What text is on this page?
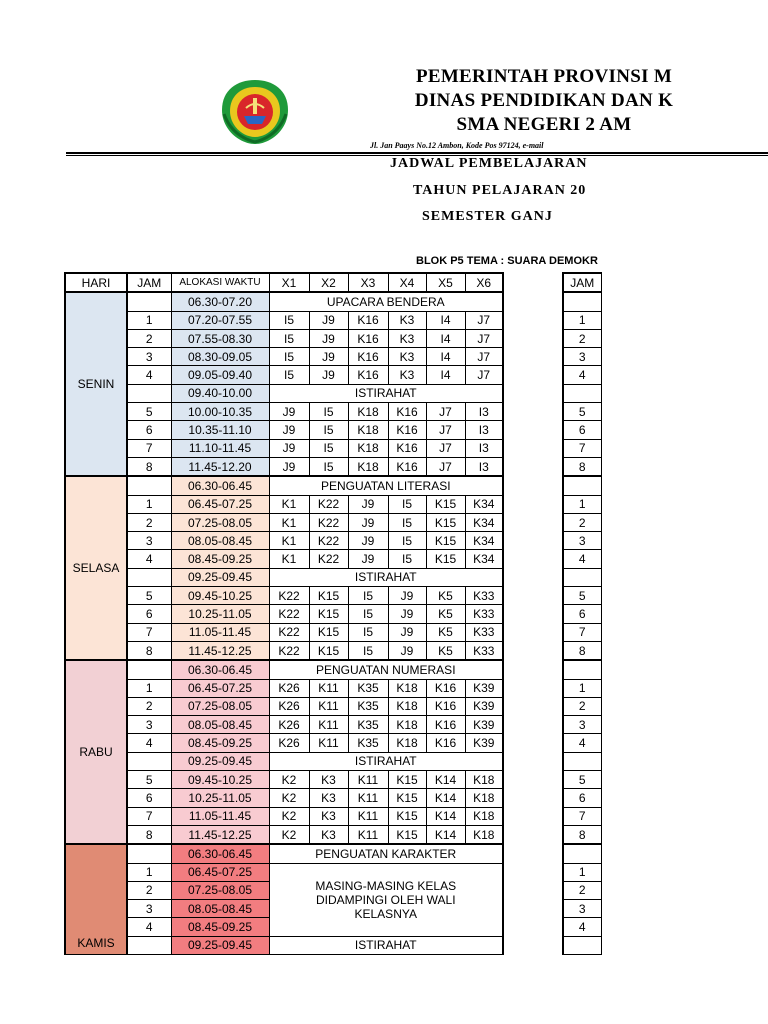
PEMERINTAH PROVINSI M
DINAS PENDIDIKAN DAN K
SMA NEGERI 2 AM
Jl. Jan Paays No.12 Ambon, Kode Pos 97124, e-mail
JADWAL PEMBELAJARAN
TAHUN PELAJARAN 20
SEMESTER GANJ
BLOK P5 TEMA : SUARA DEMOKR
HARI	JAM	ALOKASI WAKTU	X1	X2	X3	X4	X5	X6		JAM
SENIN		06.30-07.20	UPACARA BENDERA							
	1	07.20-07.55	I5	J9	K16	K3	I4	J7		1
	2	07.55-08.30	I5	J9	K16	K3	I4	J7		2
	3	08.30-09.05	I5	J9	K16	K3	I4	J7		3
	4	09.05-09.40	I5	J9	K16	K3	I4	J7		4
		09.40-10.00	ISTIRAHAT							
	5	10.00-10.35	J9	I5	K18	K16	J7	I3		5
	6	10.35-11.10	J9	I5	K18	K16	J7	I3		6
	7	11.10-11.45	J9	I5	K18	K16	J7	I3		7
	8	11.45-12.20	J9	I5	K18	K16	J7	I3		8
SELASA		06.30-06.45	PENGUATAN LITERASI							
	1	06.45-07.25	K1	K22	J9	I5	K15	K34		1
	2	07.25-08.05	K1	K22	J9	I5	K15	K34		2
	3	08.05-08.45	K1	K22	J9	I5	K15	K34		3
	4	08.45-09.25	K1	K22	J9	I5	K15	K34		4
		09.25-09.45	ISTIRAHAT							
	5	09.45-10.25	K22	K15	I5	J9	K5	K33		5
	6	10.25-11.05	K22	K15	I5	J9	K5	K33		6
	7	11.05-11.45	K22	K15	I5	J9	K5	K33		7
	8	11.45-12.25	K22	K15	I5	J9	K5	K33		8
RABU		06.30-06.45	PENGUATAN NUMERASI							
	1	06.45-07.25	K26	K11	K35	K18	K16	K39		1
	2	07.25-08.05	K26	K11	K35	K18	K16	K39		2
	3	08.05-08.45	K26	K11	K35	K18	K16	K39		3
	4	08.45-09.25	K26	K11	K35	K18	K16	K39		4
		09.25-09.45	ISTIRAHAT							
	5	09.45-10.25	K2	K3	K11	K15	K14	K18		5
	6	10.25-11.05	K2	K3	K11	K15	K14	K18		6
	7	11.05-11.45	K2	K3	K11	K15	K14	K18		7
	8	11.45-12.25	K2	K3	K11	K15	K14	K18		8
KAMIS		06.30-06.45	PENGUATAN KARAKTER							
	1	06.45-07.25	MASING-MASING KELAS DIDAMPINGI OLEH WALI KELASNYA							1
	2	07.25-08.05								2
	3	08.05-08.45								3
	4	08.45-09.25								4
		09.25-09.45	ISTIRAHAT							
